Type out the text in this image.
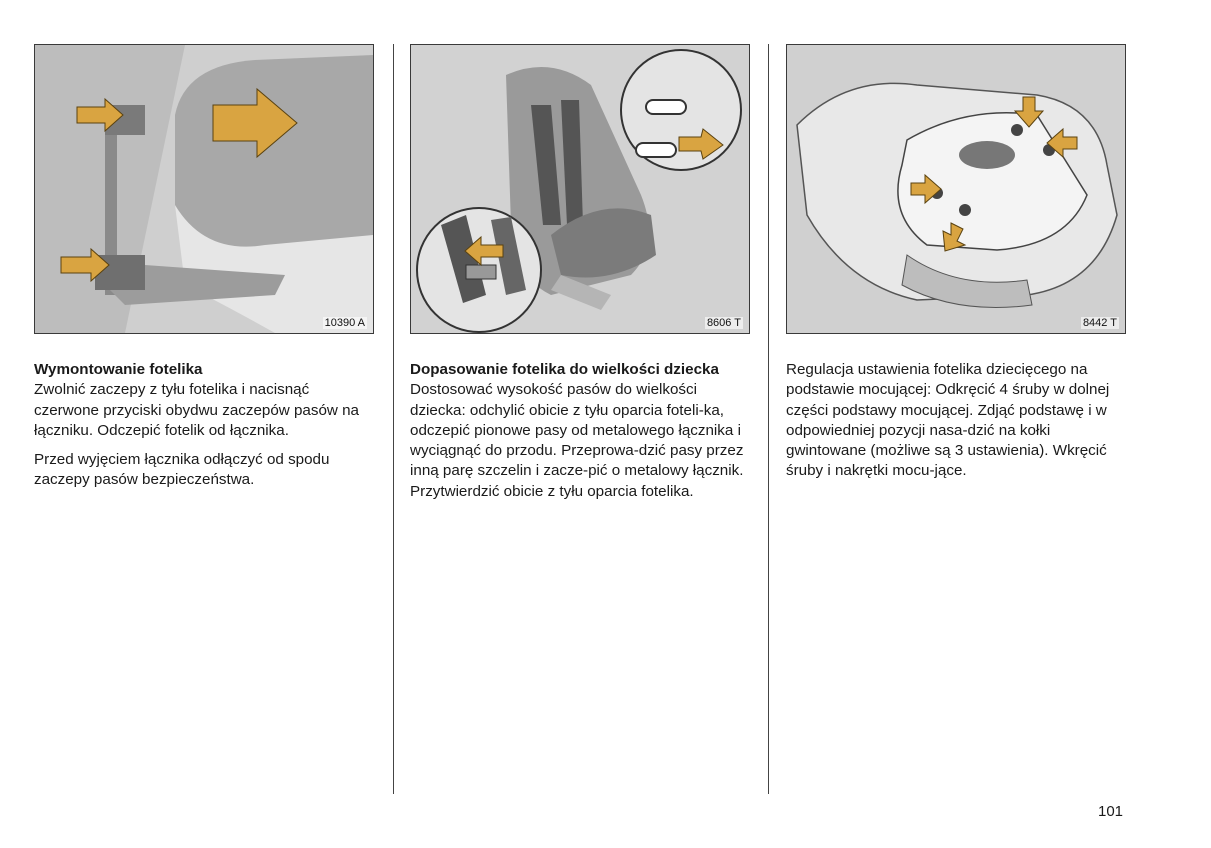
10390 A

Wymontowanie fotelika
Zwolnić zaczepy z tyłu fotelika i nacisnąć czerwone przyciski obydwu zaczepów pasów na łączniku. Odczepić fotelik od łącznika.

Przed wyjęciem łącznika odłączyć od spodu zaczepy pasów bezpieczeństwa.

8606 T

Dopasowanie fotelika do wielkości dziecka
Dostosować wysokość pasów do wielkości dziecka: odchylić obicie z tyłu oparcia foteli-ka, odczepić pionowe pasy od metalowego łącznika i wyciągnąć do przodu. Przeprowa-dzić pasy przez inną parę szczelin i zacze-pić o metalowy łącznik. Przytwierdzić obicie z tyłu oparcia fotelika.

8442 T

Regulacja ustawienia fotelika dziecięcego na podstawie mocującej: Odkręcić 4 śruby w dolnej części podstawy mocującej. Zdjąć podstawę i w odpowiedniej pozycji nasa-dzić na kołki gwintowane (możliwe są 3 ustawienia). Wkręcić śruby i nakrętki mocu-jące.

101
